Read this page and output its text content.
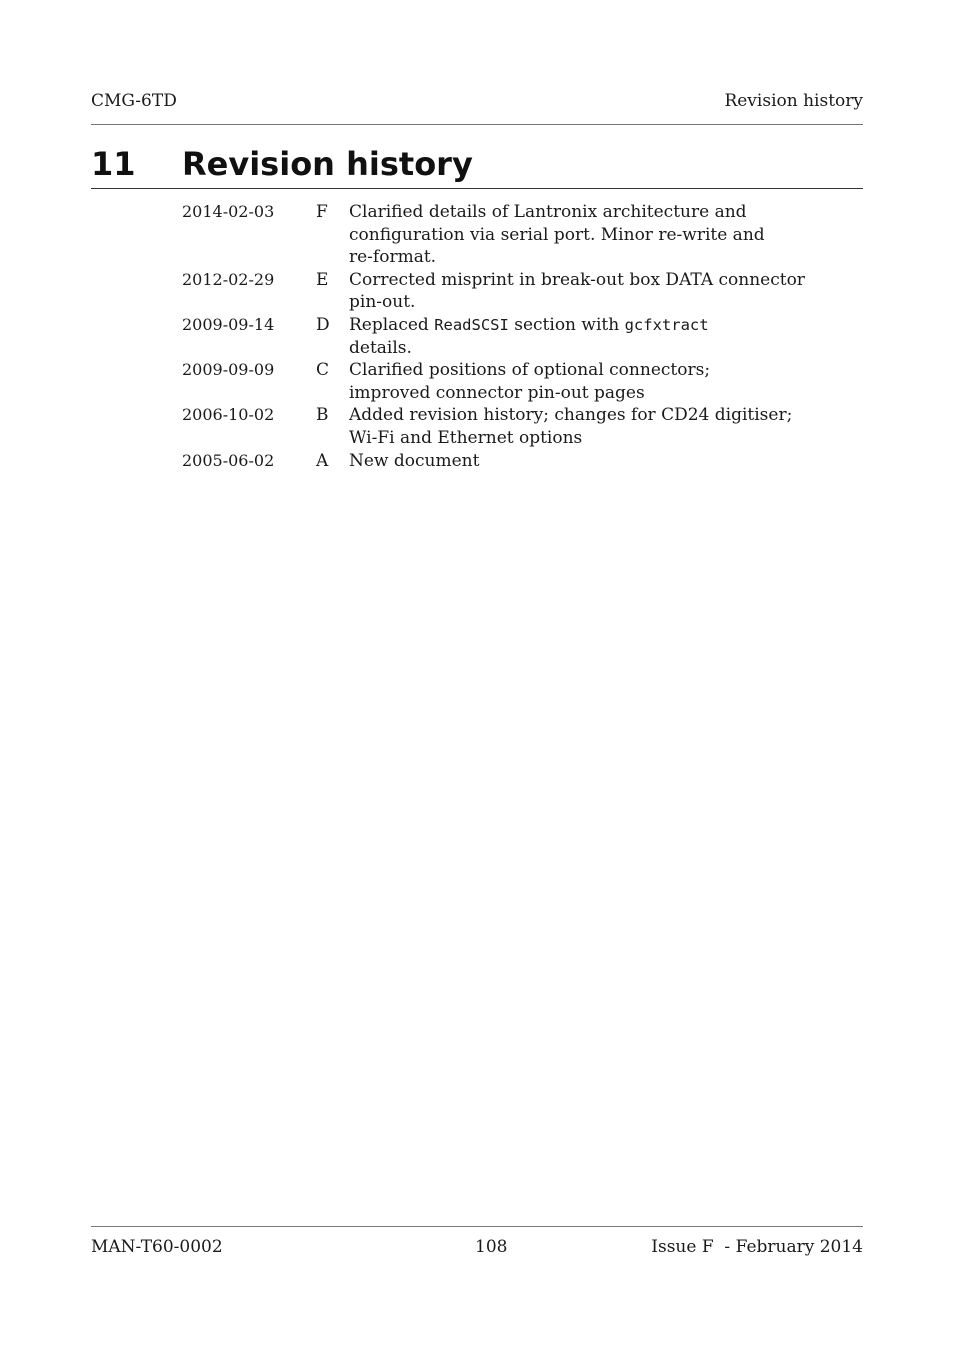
CMG-6TD	Revision history
11 Revision history
2014-02-03	F	Clarified details of Lantronix architecture and
configuration via serial port. Minor re-write and
re-format.
2012-02-29	E	Corrected misprint in break-out box DATA connector
pin-out.
2009-09-14	D	Replaced ReadSCSI section with gcfxtract
details.
2009-09-09	C	Clarified positions of optional connectors;
improved connector pin-out pages
2006-10-02	B	Added revision history; changes for CD24 digitiser;
Wi-Fi and Ethernet options
2005-06-02	A	New document
MAN-T60-0002	108	Issue F  - February 2014
